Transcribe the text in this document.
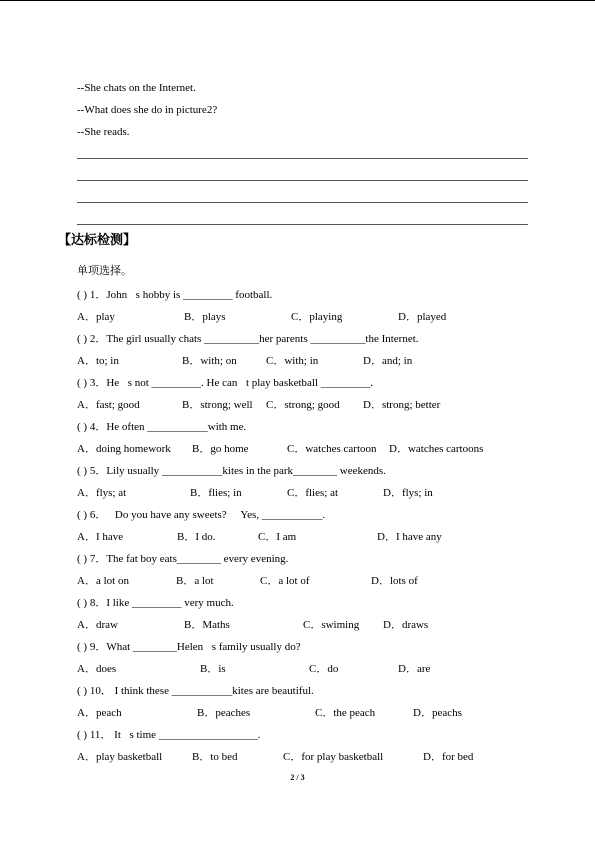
--She chats on the Internet.
--What does she do in picture2?
--She reads.
【达标检测】
单项选择。
( ) 1．John s hobby is _________ football.
A．play	B．plays	C．playing	D．played
( ) 2．The girl usually chats __________her parents __________the Internet.
A．to; in	B．with; on	C．with; in	D．and; in
( ) 3．He s not _________. He can t play basketball _________.
A．fast; good	B．strong; well C．strong; good D．strong; better
( ) 4．He often ___________with me.
A．doing homework B．go home	C．watches cartoon D．watches cartoons
( ) 5．Lily usually ___________kites in the park________ weekends.
A．flys; at	B．flies; in	C．flies; at	D．flys; in
( ) 6． Do you have any sweets?   Yes, ___________.
A．I have	B．I do.	C．I am	D．I have any
( ) 7．The fat boy eats________ every evening.
A．a lot on	B．a lot	C．a lot of	D．lots of
( ) 8．I like _________ very much.
A．draw	B．Maths	C．swiming D．draws
( ) 9．What ________Helen s family usually do?
A．does	B．is	C．do	D．are
( ) 10． I think these ___________kites are beautiful.
A．peach	B．peaches	C．the peach	D．peachs
( ) 11． It s time __________________.
A．play basketball	B．to bed	C．for play basketball	D．for bed
2 / 3
